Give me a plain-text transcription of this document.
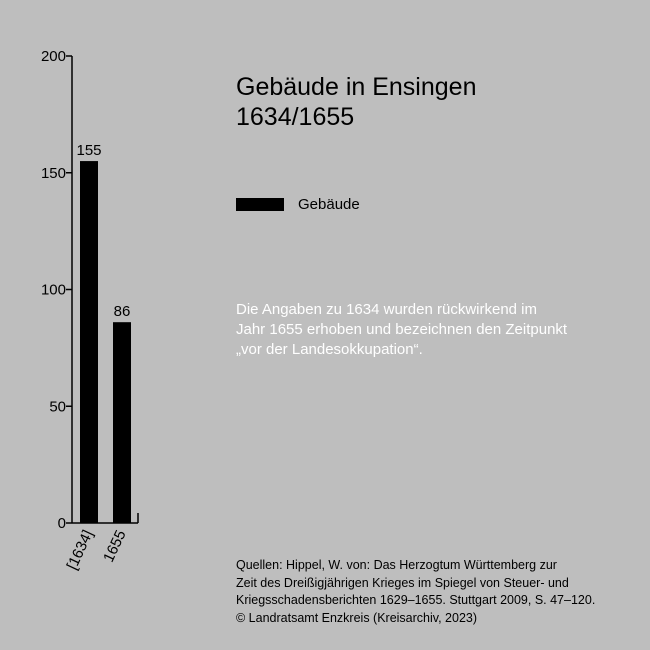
0
50
100
150
200
155
[1634]
86
1655
Gebäude in Ensingen
1634/1655
Gebäude
Die Angaben zu 1634 wurden rückwirkend im
Jahr 1655 erhoben und bezeichnen den Zeitpunkt
„vor der Landesokkupation“.
Quellen: Hippel, W. von: Das Herzogtum Württemberg zur
Zeit des Dreißigjährigen Krieges im Spiegel von Steuer- und
Kriegsschadensberichten 1629–1655. Stuttgart 2009, S. 47–120.
© Landratsamt Enzkreis (Kreisarchiv, 2023)
